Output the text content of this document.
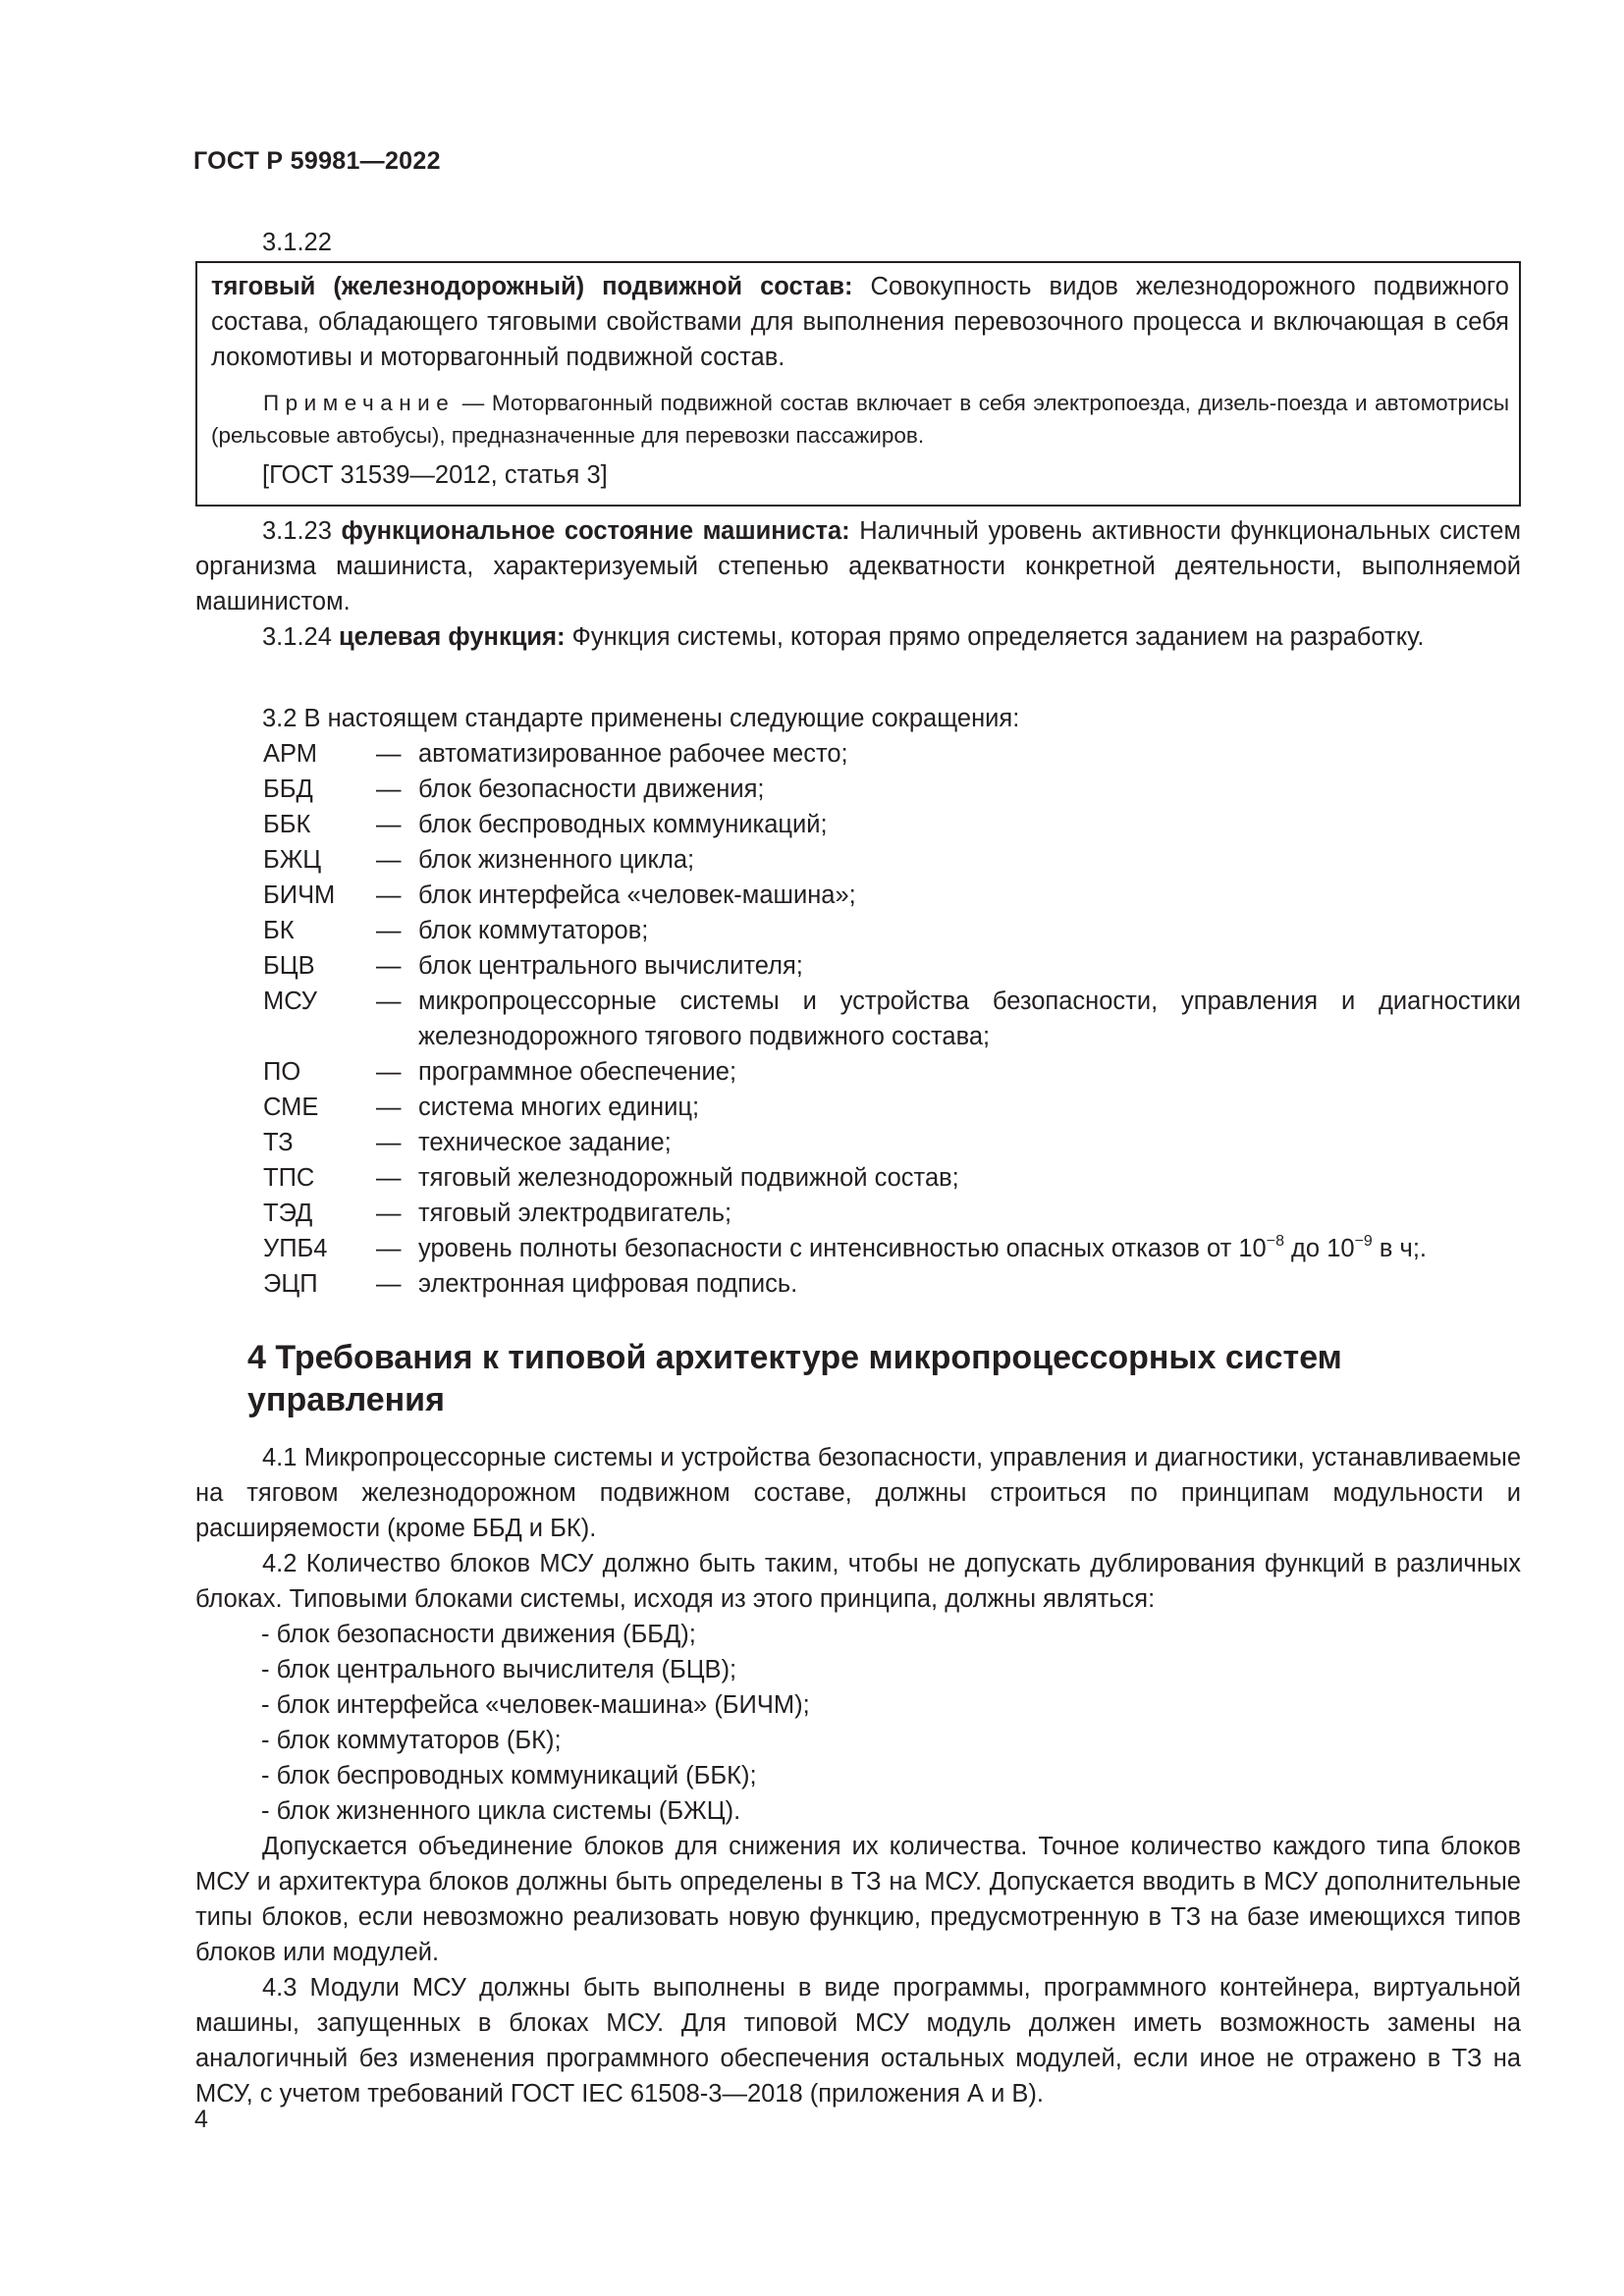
ГОСТ Р 59981—2022
3.1.22
тяговый (железнодорожный) подвижной состав: Совокупность видов железнодорожного подвижного состава, обладающего тяговыми свойствами для выполнения перевозочного процесса и включающая в себя локомотивы и моторвагонный подвижной состав.
Примечание — Моторвагонный подвижной состав включает в себя электропоезда, дизель-поезда и автомотрисы (рельсовые автобусы), предназначенные для перевозки пассажиров.
[ГОСТ 31539—2012, статья 3]
3.1.23 функциональное состояние машиниста: Наличный уровень активности функциональных систем организма машиниста, характеризуемый степенью адекватности конкретной деятельности, выполняемой машинистом.
3.1.24 целевая функция: Функция системы, которая прямо определяется заданием на разработку.
3.2 В настоящем стандарте применены следующие сокращения:
АРМ — автоматизированное рабочее место;
ББД	— блок безопасности движения;
ББК	— блок беспроводных коммуникаций;
БЖЦ — блок жизненного цикла;
БИЧМ — блок интерфейса «человек-машина»;
БК	— блок коммутаторов;
БЦВ — блок центрального вычислителя;
МСУ — микропроцессорные системы и устройства безопасности, управления и диагностики железнодорожного тягового подвижного состава;
ПО	— программное обеспечение;
СМЕ — система многих единиц;
ТЗ	— техническое задание;
ТПС — тяговый железнодорожный подвижной состав;
ТЭД	— тяговый электродвигатель;
УПБ4 — уровень полноты безопасности с интенсивностью опасных отказов от $10^{-8}$ до $10^{-9}$ в ч;.
ЭЦП — электронная цифровая подпись.
4 Требования к типовой архитектуре микропроцессорных систем управления
4.1 Микропроцессорные системы и устройства безопасности, управления и диагностики, устанавливаемые на тяговом железнодорожном подвижном составе, должны строиться по принципам модульности и расширяемости (кроме ББД и БК).
4.2 Количество блоков МСУ должно быть таким, чтобы не допускать дублирования функций в различных блоках. Типовыми блоками системы, исходя из этого принципа, должны являться:
- блок безопасности движения (ББД);
- блок центрального вычислителя (БЦВ);
- блок интерфейса «человек-машина» (БИЧМ);
- блок коммутаторов (БК);
- блок беспроводных коммуникаций (ББК);
- блок жизненного цикла системы (БЖЦ).
Допускается объединение блоков для снижения их количества. Точное количество каждого типа блоков МСУ и архитектура блоков должны быть определены в ТЗ на МСУ. Допускается вводить в МСУ дополнительные типы блоков, если невозможно реализовать новую функцию, предусмотренную в ТЗ на базе имеющихся типов блоков или модулей.
4.3 Модули МСУ должны быть выполнены в виде программы, программного контейнера, виртуальной машины, запущенных в блоках МСУ. Для типовой МСУ модуль должен иметь возможность замены на аналогичный без изменения программного обеспечения остальных модулей, если иное не отражено в ТЗ на МСУ, с учетом требований ГОСТ IEC 61508-3—2018 (приложения А и В).
4
